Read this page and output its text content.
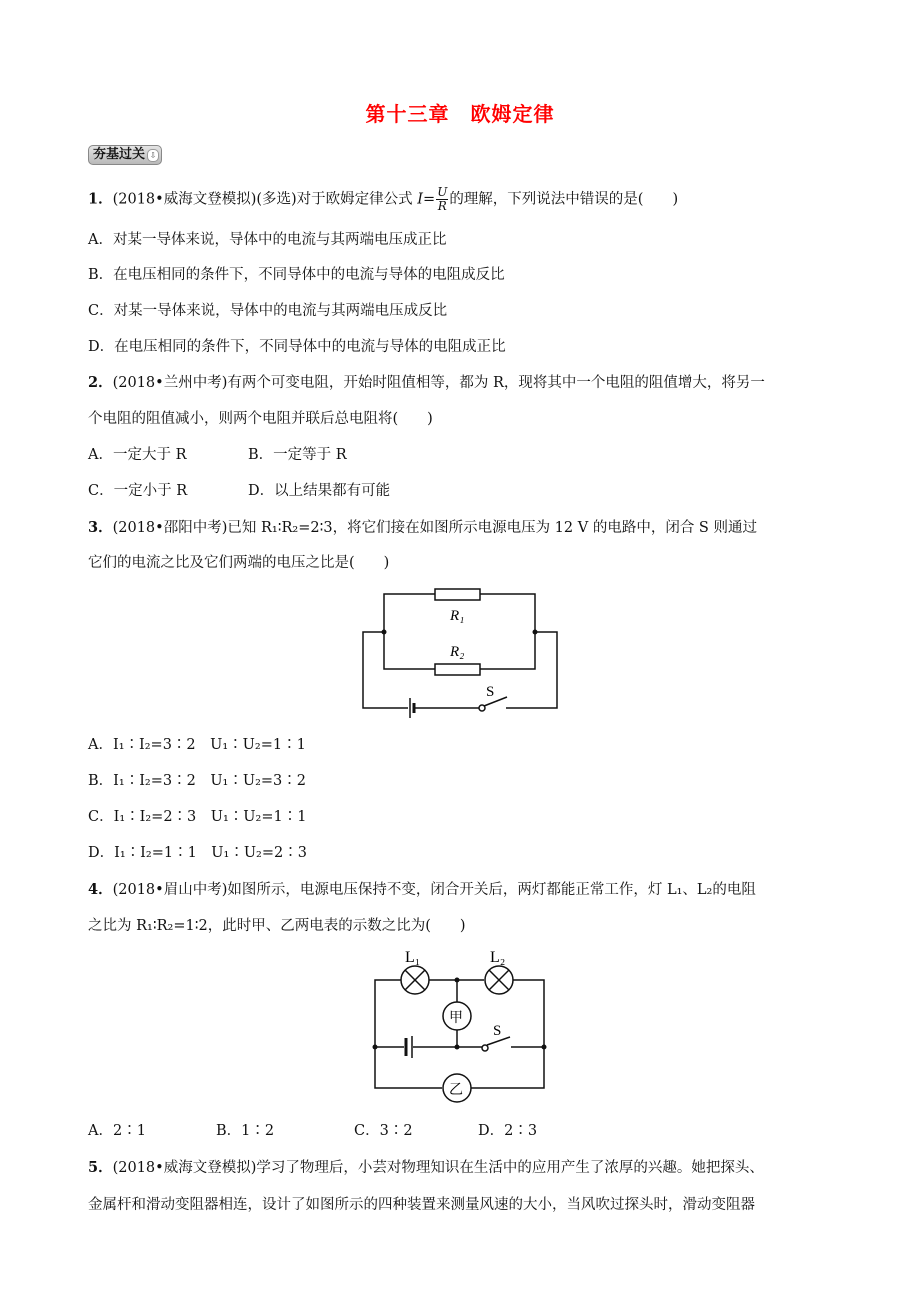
第十三章　欧姆定律
夯基过关 ⇩
1．(2018•威海文登模拟)(多选)对于欧姆定律公式 $I= \frac{U}{R}$ 的理解，下列说法中错误的是(　　)
A．对某一导体来说，导体中的电流与其两端电压成正比
B．在电压相同的条件下，不同导体中的电流与导体的电阻成反比
C．对某一导体来说，导体中的电流与其两端电压成反比
D．在电压相同的条件下，不同导体中的电流与导体的电阻成正比
2．(2018•兰州中考)有两个可变电阻，开始时阻值相等，都为 R，现将其中一个电阻的阻值增大，将另一
个电阻的阻值减小，则两个电阻并联后总电阻将(　　)
A．一定大于 R	B．一定等于 R
C．一定小于 R	D．以上结果都有可能
3．(2018•邵阳中考)已知 R₁∶R₂=2∶3，将它们接在如图所示电源电压为 12 V 的电路中，闭合 S 则通过
它们的电流之比及它们两端的电压之比是(　　)
R₁
R₂
S
A．I₁∶I₂=3∶2　U₁∶U₂=1∶1
B．I₁∶I₂=3∶2　U₁∶U₂=3∶2
C．I₁∶I₂=2∶3　U₁∶U₂=1∶1
D．I₁∶I₂=1∶1　U₁∶U₂=2∶3
4．(2018•眉山中考)如图所示，电源电压保持不变，闭合开关后，两灯都能正常工作，灯 L₁、L₂的电阻
之比为 R₁∶R₂=1∶2，此时甲、乙两电表的示数之比为(　　)
L₁	L₂
甲
乙
S
A．2∶1	B．1∶2	C．3∶2	D．2∶3
5．(2018•威海文登模拟)学习了物理后，小芸对物理知识在生活中的应用产生了浓厚的兴趣。她把探头、
金属杆和滑动变阻器相连，设计了如图所示的四种装置来测量风速的大小，当风吹过探头时，滑动变阻器
